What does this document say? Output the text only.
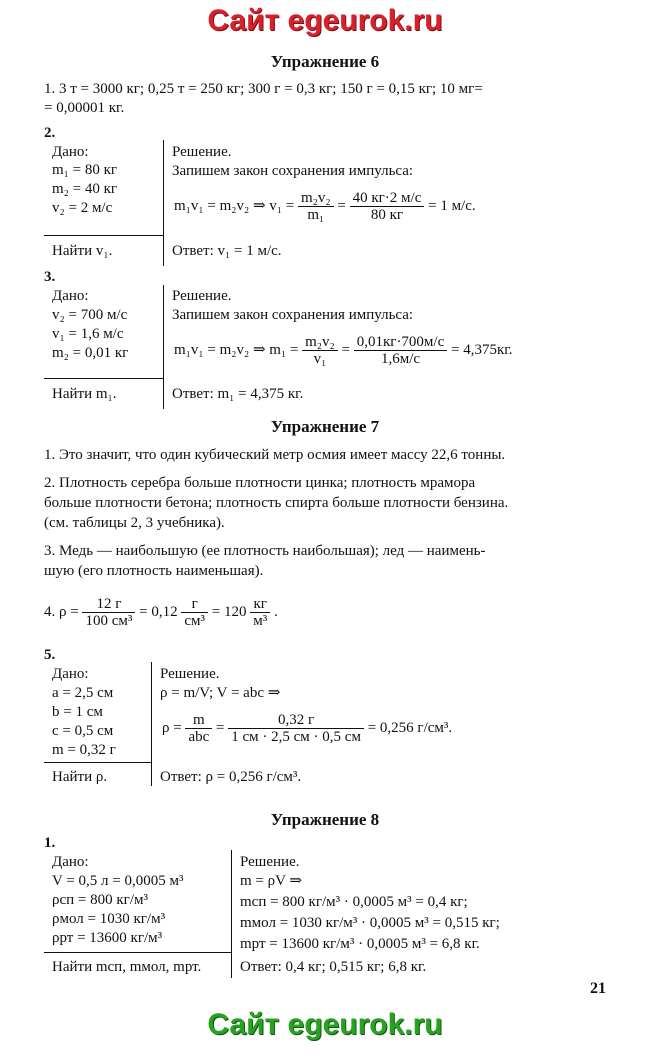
Сайт egeurok.ru
Упражнение 6
1. 3 т = 3000 кг; 0,25 т = 250 кг; 300 г = 0,3 кг; 150 г = 0,15 кг; 10 мг=
= 0,00001 кг.
2.
Дано:
m₁ = 80 кг
m₂ = 40 кг
v₂ = 2 м/с
Найти v₁.
Решение.
Запишем закон сохранения импульса:
m₁v₁ = m₂v₂ ⇒ $v_1 = \frac{\text{m₂v₂}}{\text{m₁}} = \frac{40 кг\cdot 2 м/с}{80 кг} = 1$ м/с.
Ответ: v₁ = 1 м/с.
3.
Дано:
v₂ = 700 м/с
v₁ = 1,6 м/с
m₂ = 0,01 кг
Найти m₁.
Решение.
Запишем закон сохранения импульса:
m₁v₁ = m₂v₂ ⇒ $m_1 = \frac{\text{m₂v₂}}{\text{v₁}} = \frac{0,01кг\cdot 700м/с}{1,6м/с} = 4,375кг$.
Ответ: m₁ = 4,375 кг.
Упражнение 7
1. Это значит, что один кубический метр осмия имеет массу 22,6 тонны.
2. Плотность серебра больше плотности цинка; плотность мрамора
больше плотности бетона; плотность спирта больше плотности бензина.
(см. таблицы 2, 3 учебника).
3. Медь — наибольшую (ее плотность наибольшая); лед — наимень-
шую (его плотность наименьшая).
4. $\rho = \frac{12 г}{\text{100 см³}} = 0,12 \frac{г}{\text{см³}} = 120 \frac{кг}{\text{м³}}$ .
5.
Дано:
a = 2,5 см
b = 1 см
c = 0,5 см
m = 0,32 г
Найти ρ.
Решение.
ρ = m/V; V = abc ⇒
$\rho = \frac{m}{\text{abc}} = \frac{0,32 г}{1 см \cdot 2,5 см \cdot 0,5 см} = 0,256$ г/см³.
Ответ: ρ = 0,256 г/см³.
Упражнение 8
1.
Дано:
V = 0,5 л = 0,0005 м³
ρсп = 800 кг/м³
ρмол = 1030 кг/м³
ρрт = 13600 кг/м³
Найти mсп, mмол, mрт.
Решение.
m = ρV ⇒
mсп = 800 кг/м³ · 0,0005 м³ = 0,4 кг;
mмол = 1030 кг/м³ · 0,0005 м³ = 0,515 кг;
mрт = 13600 кг/м³ · 0,0005 м³ = 6,8 кг.
Ответ: 0,4 кг; 0,515 кг; 6,8 кг.
21
Сайт egeurok.ru
